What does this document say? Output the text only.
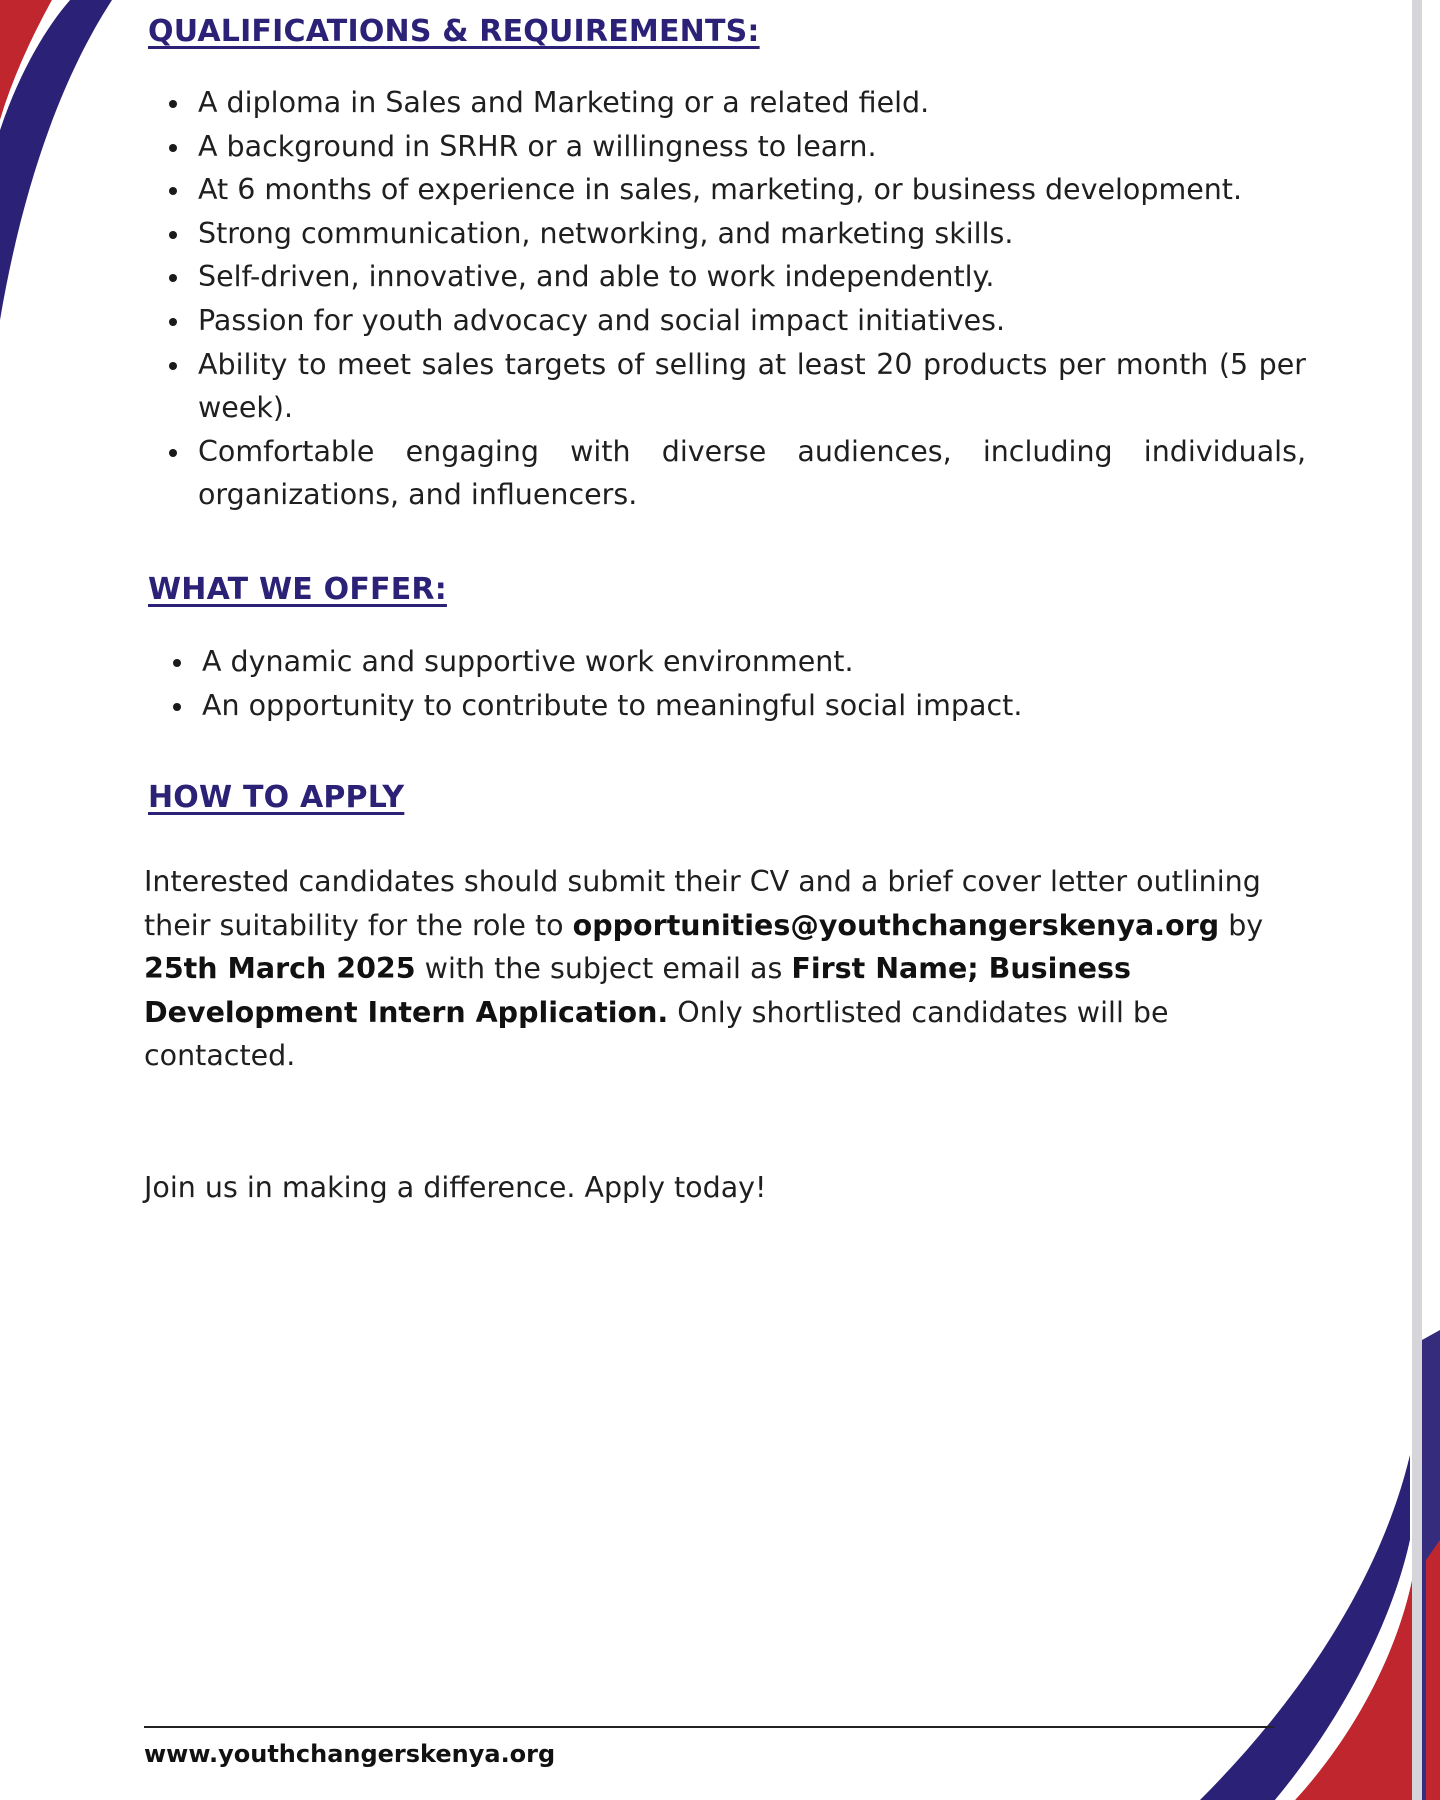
QUALIFICATIONS & REQUIREMENTS:
A diploma in Sales and Marketing or a related field.
A background in SRHR or a willingness to learn.
At 6 months of experience in sales, marketing, or business development.
Strong communication, networking, and marketing skills.
Self-driven, innovative, and able to work independently.
Passion for youth advocacy and social impact initiatives.
Ability to meet sales targets of selling at least 20 products per month (5 per week).
Comfortable engaging with diverse audiences, including individuals, organizations, and influencers.
WHAT WE OFFER:
A dynamic and supportive work environment.
An opportunity to contribute to meaningful social impact.
HOW TO APPLY

Interested candidates should submit their CV and a brief cover letter outlining their suitability for the role to opportunities@youthchangerskenya.org by
25th March 2025 with the subject email as First Name; Business Development Intern Application. Only shortlisted candidates will be contacted.

Join us in making a difference. Apply today!

www.youthchangerskenya.org
